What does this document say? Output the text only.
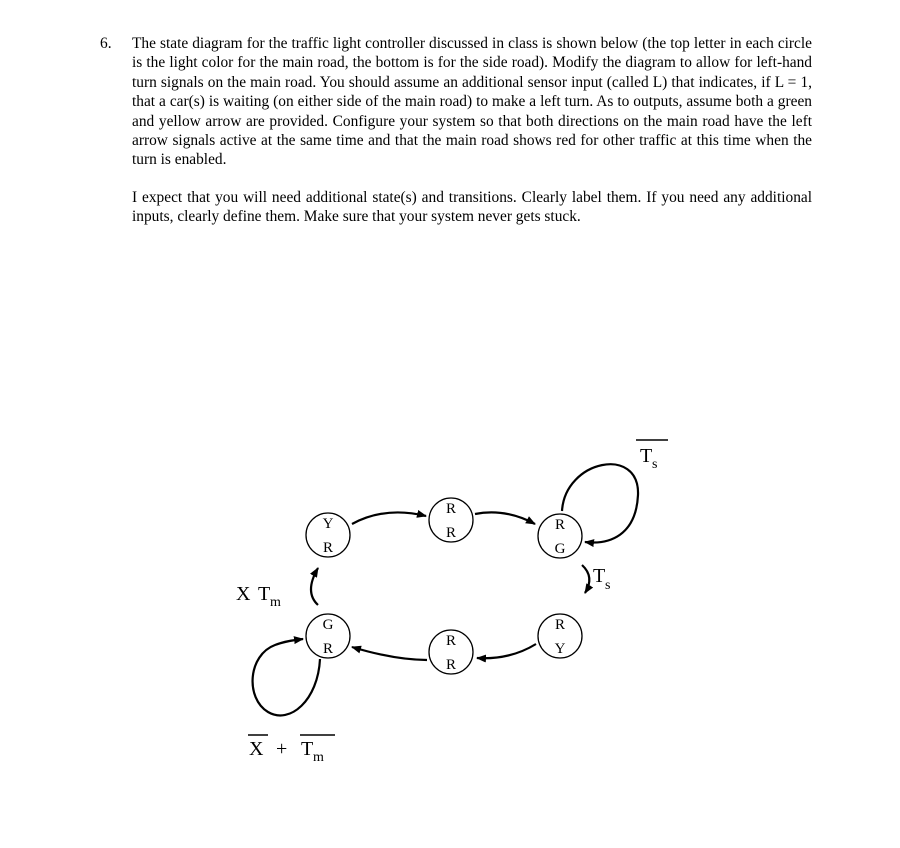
6. The state diagram for the traffic light controller discussed in class is shown below (the top letter in each circle is the light color for the main road, the bottom is for the side road). Modify the diagram to allow for left-hand turn signals on the main road. You should assume an additional sensor input (called L) that indicates, if L = 1, that a car(s) is waiting (on either side of the main road) to make a left turn. As to outputs, assume both a green and yellow arrow are provided. Configure your system so that both directions on the main road have the left arrow signals active at the same time and that the main road shows red for other traffic at this time when the turn is enabled.

I expect that you will need additional state(s) and transitions. Clearly label them. If you need any additional inputs, clearly define them. Make sure that your system never gets stuck.

Y
R
R
R	R
G
G
R	R
R
R
Y
X T m
T s
T s
X + T m
